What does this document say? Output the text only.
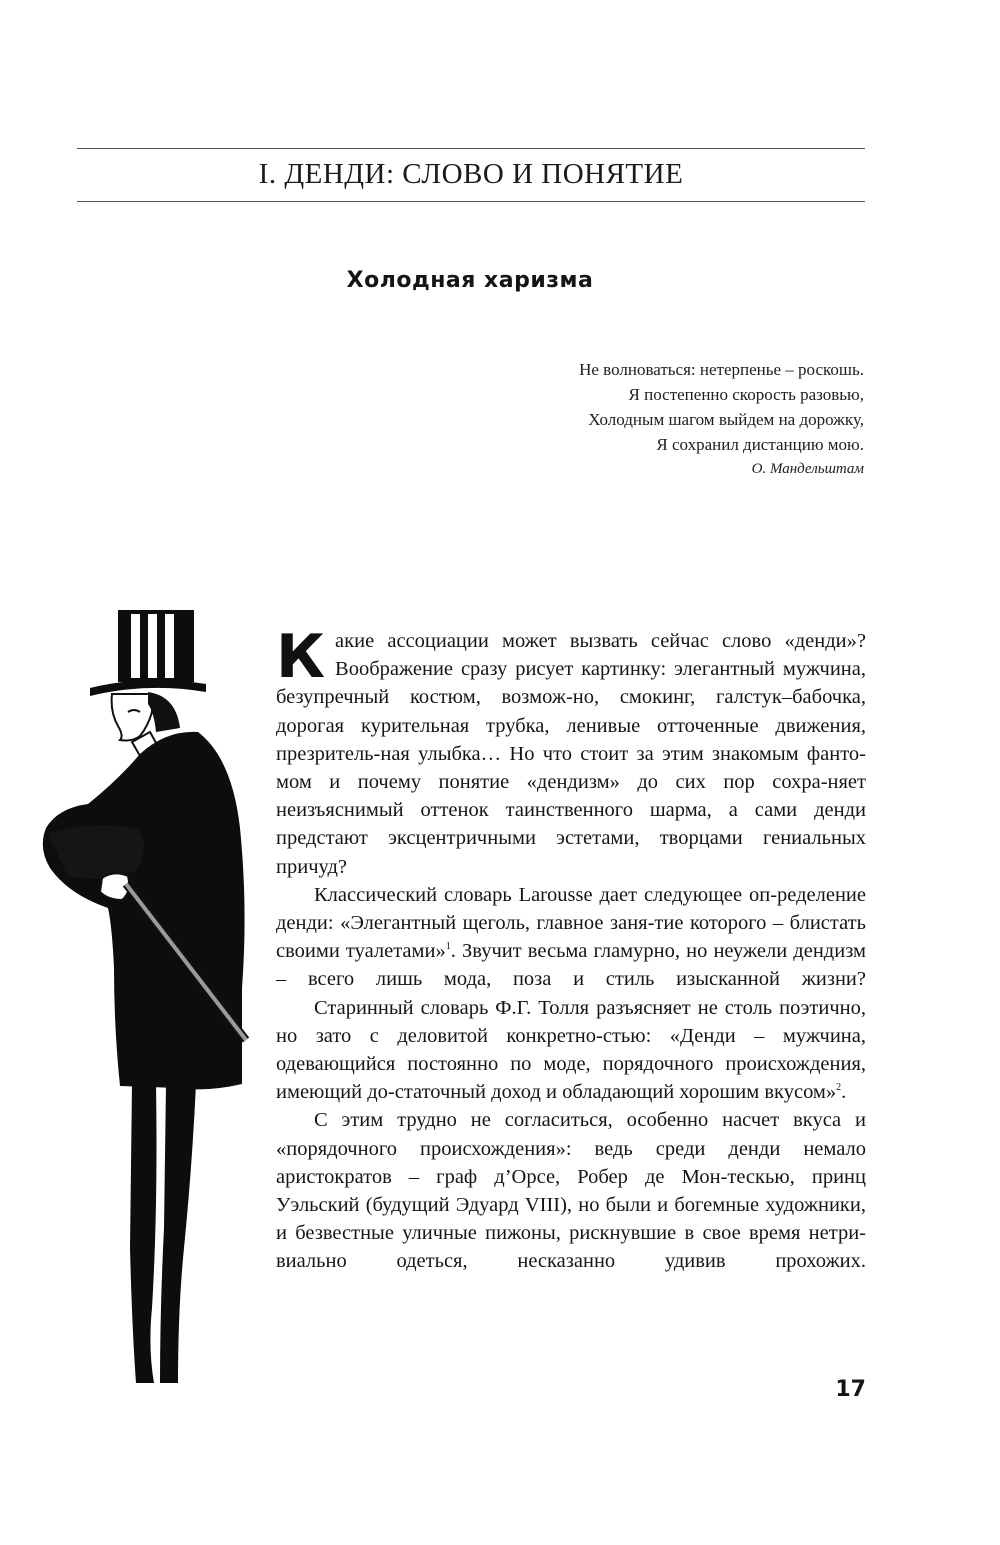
I. ДЕНДИ: СЛОВО И ПОНЯТИЕ
Холодная харизма
Не волноваться: нетерпенье – роскошь.
Я постепенно скорость разовью,
Холодным шагом выйдем на дорожку,
Я сохранил дистанцию мою.
О. Мандельштам

Какие ассоциации может вызвать сейчас слово «денди»? Воображение сразу рисует картинку: элегантный мужчина, безупречный костюм, возмож-но, смокинг, галстук–бабочка, дорогая курительная трубка, ленивые отточенные движения, презритель-ная улыбка… Но что стоит за этим знакомым фанто-мом и почему понятие «дендизм» до сих пор сохра-няет неизъяснимый оттенок таинственного шарма, а сами денди предстают эксцентричными эстетами, творцами гениальных причуд?

Классический словарь Larousse дает следующее оп-ределение денди: «Элегантный щеголь, главное заня-тие которого – блистать своими туалетами»$^1$. Звучит весьма гламурно, но неужели дендизм – всего лишь мода, поза и стиль изысканной жизни?

Старинный словарь Ф.Г. Толля разъясняет не столь поэтично, но зато с деловитой конкретно-стью: «Денди – мужчина, одевающийся постоянно по моде, порядочного происхождения, имеющий до-статочный доход и обладающий хорошим вкусом»$^2$.

С этим трудно не согласиться, особенно насчет вкуса и «порядочного происхождения»: ведь среди денди немало аристократов – граф д’Орсе, Робер де Мон-тескью, принц Уэльский (будущий Эдуард VIII), но были и богемные художники, и безвестные уличные пижоны, рискнувшие в свое время нетри-виально одеться, несказанно удивив прохожих.

17
